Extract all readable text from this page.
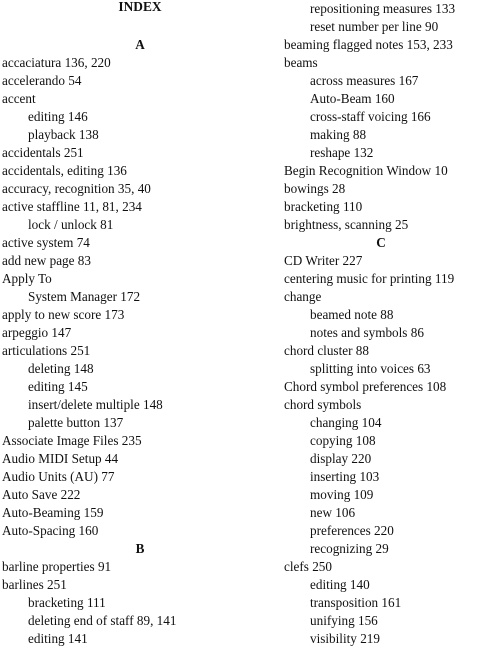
INDEX
A
accaciatura 136, 220
accelerando 54
accent
editing 146
playback 138
accidentals 251
accidentals, editing 136
accuracy, recognition 35, 40
active staffline 11, 81, 234
lock / unlock 81
active system 74
add new page 83
Apply To
System Manager 172
apply to new score 173
arpeggio 147
articulations 251
deleting 148
editing 145
insert/delete multiple 148
palette button 137
Associate Image Files 235
Audio MIDI Setup 44
Audio Units (AU) 77
Auto Save 222
Auto-Beaming 159
Auto-Spacing 160
B
barline properties 91
barlines 251
bracketing 111
deleting end of staff 89, 141
editing 141
repositioning measures 133
reset number per line 90
beaming flagged notes 153, 233
beams
across measures 167
Auto-Beam 160
cross-staff voicing 166
making 88
reshape 132
Begin Recognition Window 10
bowings 28
bracketing 110
brightness, scanning 25
C
CD Writer 227
centering music for printing 119
change
beamed note 88
notes and symbols 86
chord cluster 88
splitting into voices 63
Chord symbol preferences 108
chord symbols
changing 104
copying 108
display 220
inserting 103
moving 109
new 106
preferences 220
recognizing 29
clefs 250
editing 140
transposition 161
unifying 156
visibility 219
